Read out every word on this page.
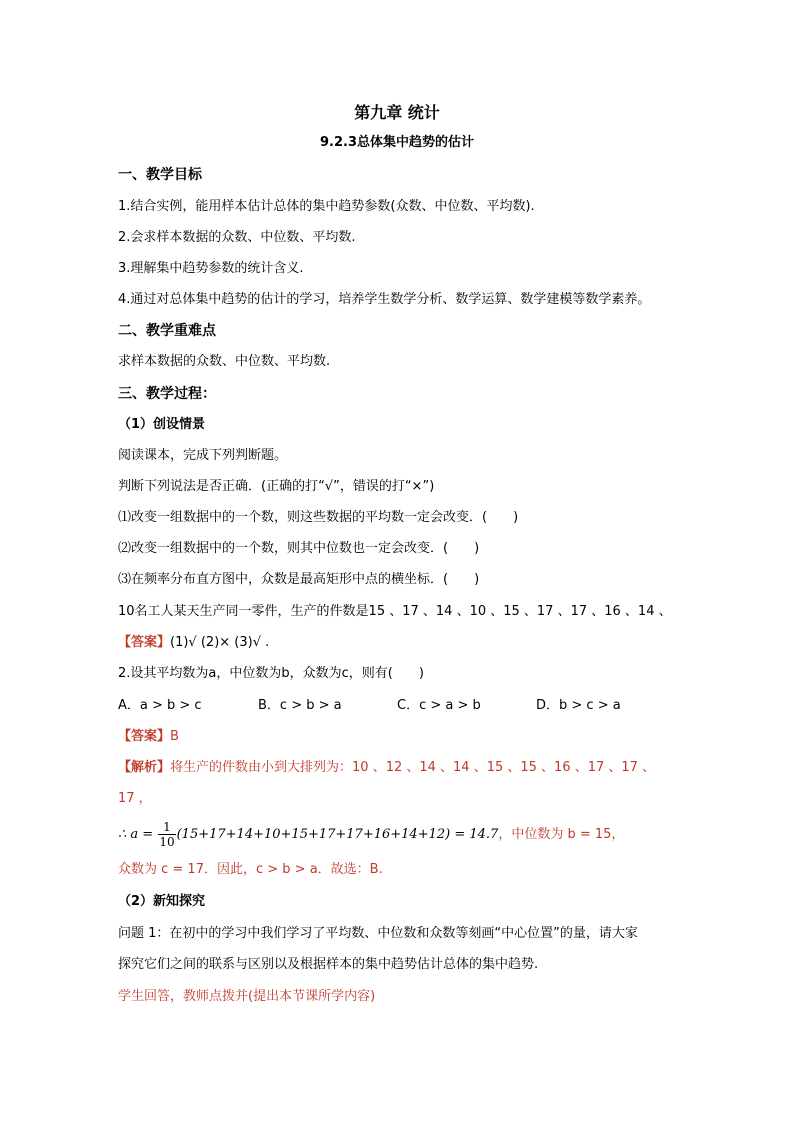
第九章 统计
9.2.3总体集中趋势的估计
一、教学目标
1.结合实例，能用样本估计总体的集中趋势参数(众数、中位数、平均数).
2.会求样本数据的众数、中位数、平均数.
3.理解集中趋势参数的统计含义.
4.通过对总体集中趋势的估计的学习，培养学生数学分析、数学运算、数学建模等数学素养。
二、教学重难点
求样本数据的众数、中位数、平均数.
三、教学过程：
（1）创设情景
阅读课本，完成下列判断题。
判断下列说法是否正确．(正确的打“√”，错误的打“×”)
⑴改变一组数据中的一个数，则这些数据的平均数一定会改变．(　　)
⑵改变一组数据中的一个数，则其中位数也一定会改变．(　　)
⑶在频率分布直方图中，众数是最高矩形中点的横坐标．(　　)
10名工人某天生产同一零件，生产的件数是15 、17 、14 、10 、15 、17 、17 、16 、14 、
【答案】(1)√ (2)× (3)√ .
2.设其平均数为a，中位数为b，众数为c，则有(　　)
A．a > b > c	B．c > b > a	C．c > a > b	D．b > c > a
【答案】B
【解析】将生产的件数由小到大排列为：10 、12 、14 、14 、15 、15 、16 、17 、17 、
17 ，
∴ $a = \frac{1}{10} (15+17+14+10+15+17+17+16+14+12) = 14.7$，中位数为 b = 15，
众数为 c = 17．因此，c > b > a．故选：B.
（2）新知探究
问题 1：在初中的学习中我们学习了平均数、中位数和众数等刻画“中心位置”的量，请大家
探究它们之间的联系与区别以及根据样本的集中趋势估计总体的集中趋势.
学生回答，教师点拨并(提出本节课所学内容)
